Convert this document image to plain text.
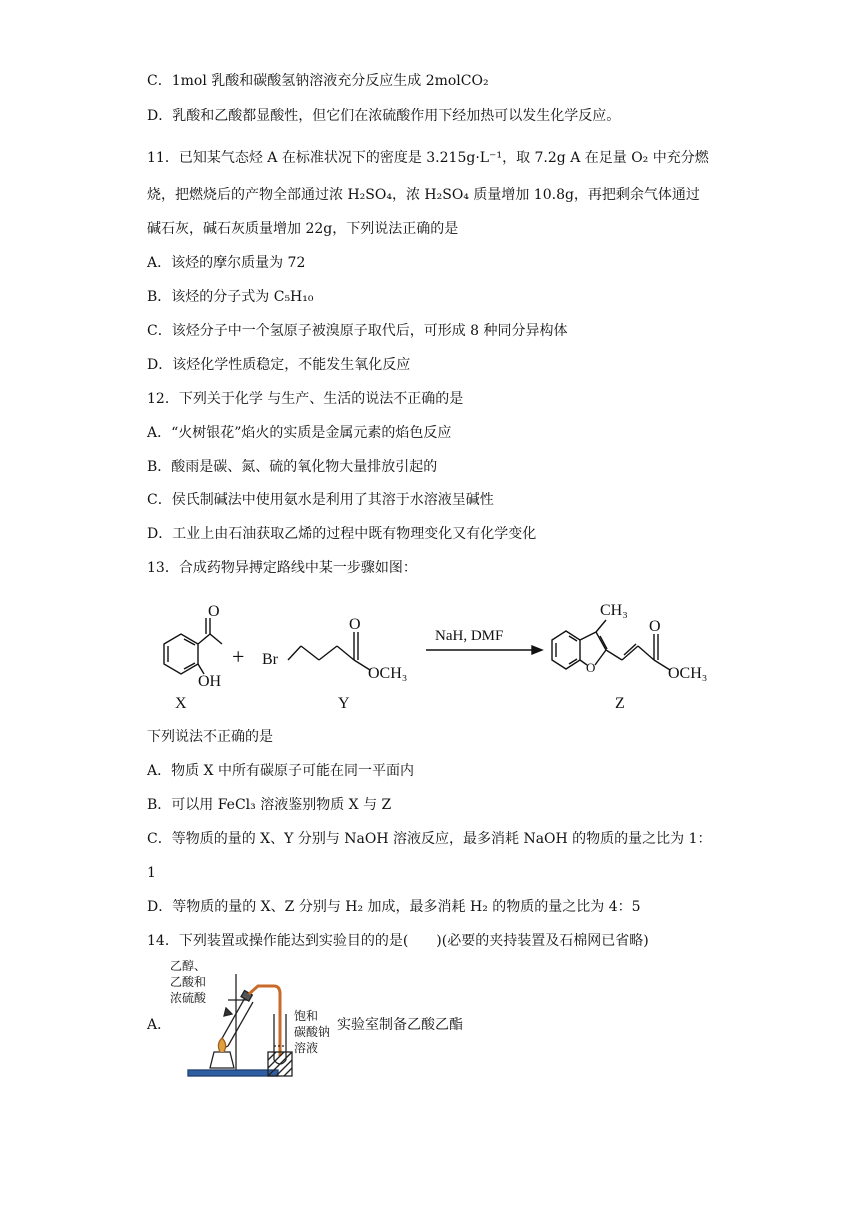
C．1mol 乳酸和碳酸氢钠溶液充分反应生成 2molCO₂
D．乳酸和乙酸都显酸性，但它们在浓硫酸作用下经加热可以发生化学反应。
11．已知某气态烃 A 在标准状况下的密度是 3.215g·L⁻¹，取 7.2g A 在足量 O₂ 中充分燃
烧，把燃烧后的产物全部通过浓 H₂SO₄，浓 H₂SO₄ 质量增加 10.8g，再把剩余气体通过
碱石灰，碱石灰质量增加 22g，下列说法正确的是
A．该烃的摩尔质量为 72
B．该烃的分子式为 C₅H₁₀
C．该烃分子中一个氢原子被溴原子取代后，可形成 8 种同分异构体
D．该烃化学性质稳定，不能发生氧化反应
12．下列关于化学 与生产、生活的说法不正确的是
A．“火树银花”焰火的实质是金属元素的焰色反应
B．酸雨是碳、氮、硫的氧化物大量排放引起的
C．侯氏制碱法中使用氨水是利用了其溶于水溶液呈碱性
D．工业上由石油获取乙烯的过程中既有物理变化又有化学变化
13．合成药物异搏定路线中某一步骤如图：
O
OH
X
+ Br
O
OCH₃
Y
NaH, DMF
O
CH₃
O
OCH₃
Z
下列说法不正确的是
A．物质 X 中所有碳原子可能在同一平面内
B．可以用 FeCl₃ 溶液鉴别物质 X 与 Z
C．等物质的量的 X、Y 分别与 NaOH 溶液反应，最多消耗 NaOH 的物质的量之比为 1：
1
D．等物质的量的 X、Z 分别与 H₂ 加成，最多消耗 H₂ 的物质的量之比为 4：5
14．下列装置或操作能达到实验目的的是(　　)(必要的夹持装置及石棉网已省略)
A．
乙醇、
乙酸和
浓硫酸
饱和
碳酸钠
溶液
实验室制备乙酸乙酯
